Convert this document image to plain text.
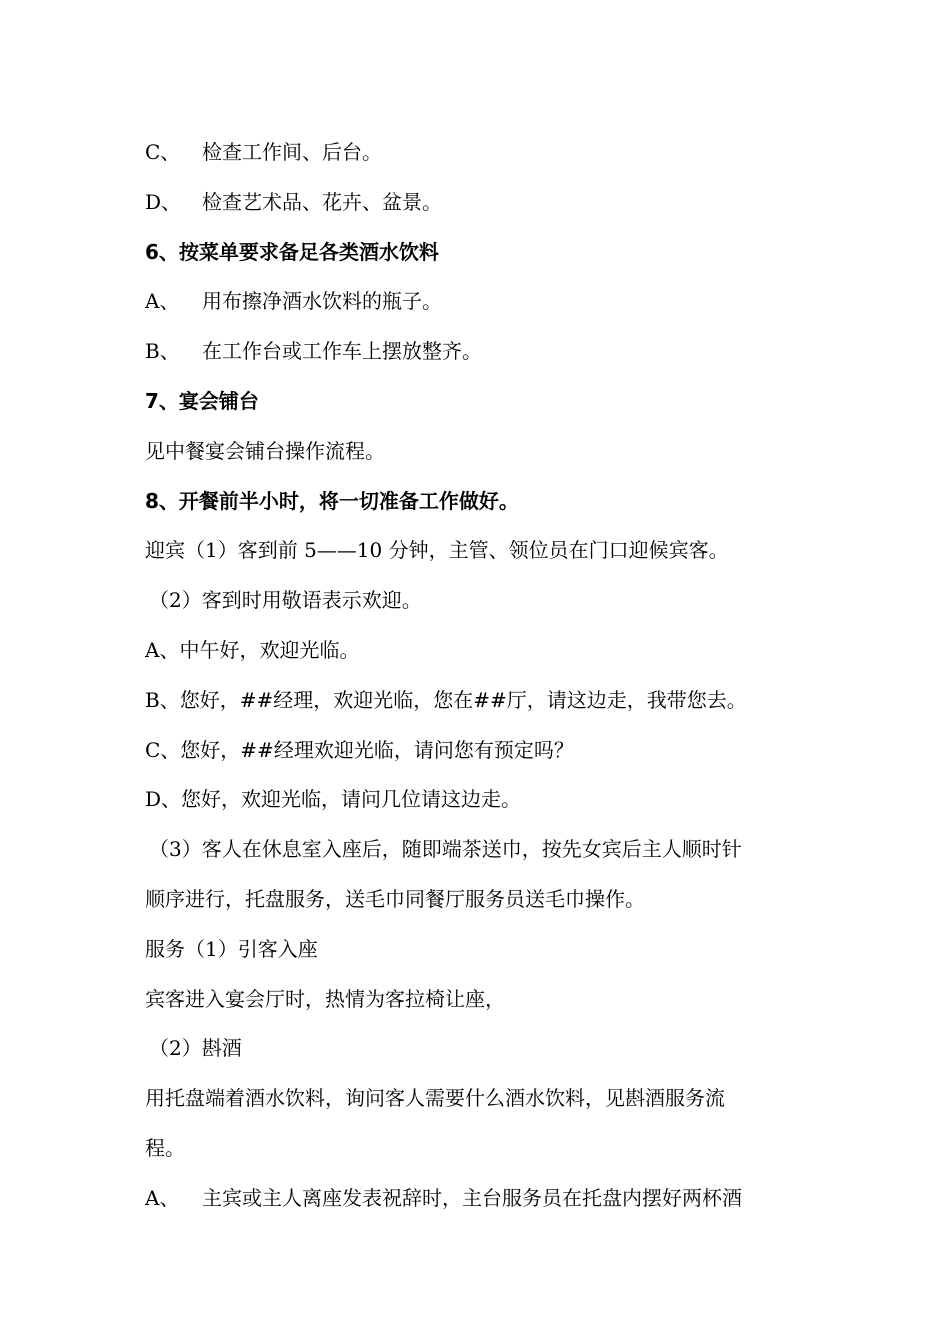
C、 检查工作间、后台。
D、 检查艺术品、花卉、盆景。
6、按菜单要求备足各类酒水饮料
A、 用布擦净酒水饮料的瓶子。
B、 在工作台或工作车上摆放整齐。
7、宴会铺台
见中餐宴会铺台操作流程。
8、开餐前半小时，将一切准备工作做好。
迎宾（1）客到前 5——10 分钟，主管、领位员在门口迎候宾客。
（2）客到时用敬语表示欢迎。
A、中午好，欢迎光临。
B、您好，##经理，欢迎光临，您在##厅，请这边走，我带您去。
C、您好，##经理欢迎光临，请问您有预定吗？
D、您好，欢迎光临，请问几位请这边走。
（3）客人在休息室入座后，随即端茶送巾，按先女宾后主人顺时针
顺序进行，托盘服务，送毛巾同餐厅服务员送毛巾操作。
服务（1）引客入座
宾客进入宴会厅时，热情为客拉椅让座，
（2）斟酒
用托盘端着酒水饮料，询问客人需要什么酒水饮料，见斟酒服务流
程。
A、 主宾或主人离座发表祝辞时，主台服务员在托盘内摆好两杯酒
